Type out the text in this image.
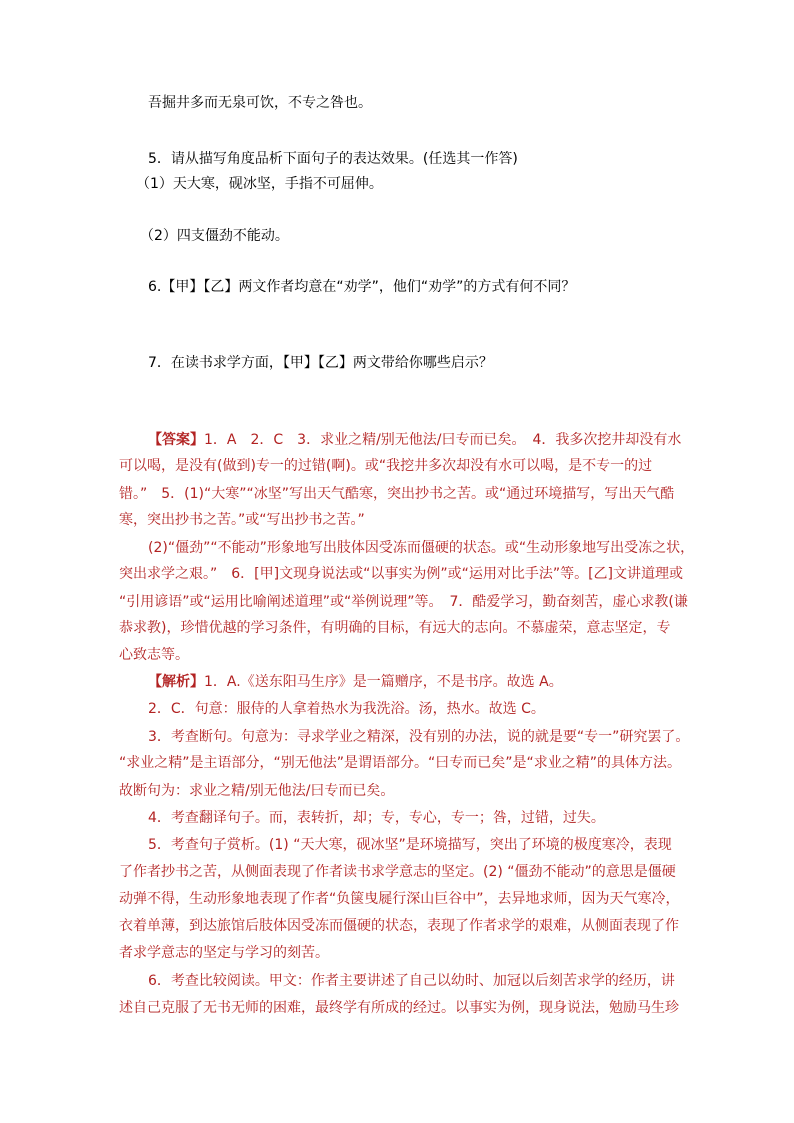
吾掘井多而无泉可饮，不专之咎也。
5．请从描写角度品析下面句子的表达效果。(任选其一作答)
（1）天大寒，砚冰坚，手指不可屈伸。
（2）四支僵劲不能动。
6.【甲】【乙】两文作者均意在“劝学”，他们“劝学”的方式有何不同？
7．在读书求学方面，【甲】【乙】两文带给你哪些启示？
【答案】1．A　2．C　3．求业之精/别无他法/曰专而已矣。　4．我多次挖井却没有水
可以喝，是没有(做到)专一的过错(啊)。或“我挖井多次却没有水可以喝，是不专一的过
错。”　5．(1)“大寒”“冰坚”写出天气酷寒，突出抄书之苦。或“通过环境描写，写出天气酷
寒，突出抄书之苦。”或“写出抄书之苦。”
(2)“僵劲”“不能动”形象地写出肢体因受冻而僵硬的状态。或“生动形象地写出受冻之状，
突出求学之艰。”　6．[甲]文现身说法或“以事实为例”或“运用对比手法”等。[乙]文讲道理或
“引用谚语”或“运用比喻阐述道理”或“举例说理”等。　7．酷爱学习，勤奋刻苦，虚心求教(谦
恭求教)，珍惜优越的学习条件，有明确的目标，有远大的志向。不慕虚荣，意志坚定，专
心致志等。
【解析】1．A.《送东阳马生序》是一篇赠序，不是书序。故选 A。
2．C．句意：服侍的人拿着热水为我洗浴。汤，热水。故选 C。
3．考查断句。句意为：寻求学业之精深，没有别的办法，说的就是要“专一”研究罢了。
“求业之精”是主语部分，“别无他法”是谓语部分。“曰专而已矣”是“求业之精”的具体方法。
故断句为：求业之精/别无他法/曰专而已矣。
4．考查翻译句子。而，表转折，却；专，专心，专一；咎，过错，过失。
5．考查句子赏析。(1) “天大寒，砚冰坚”是环境描写，突出了环境的极度寒冷，表现
了作者抄书之苦，从侧面表现了作者读书求学意志的坚定。(2) “僵劲不能动”的意思是僵硬
动弹不得，生动形象地表现了作者“负箧曳屣行深山巨谷中”，去异地求师，因为天气寒冷，
衣着单薄，到达旅馆后肢体因受冻而僵硬的状态，表现了作者求学的艰难，从侧面表现了作
者求学意志的坚定与学习的刻苦。
6．考查比较阅读。甲文：作者主要讲述了自己以幼时、加冠以后刻苦求学的经历，讲
述自己克服了无书无师的困难，最终学有所成的经过。以事实为例，现身说法，勉励马生珍
